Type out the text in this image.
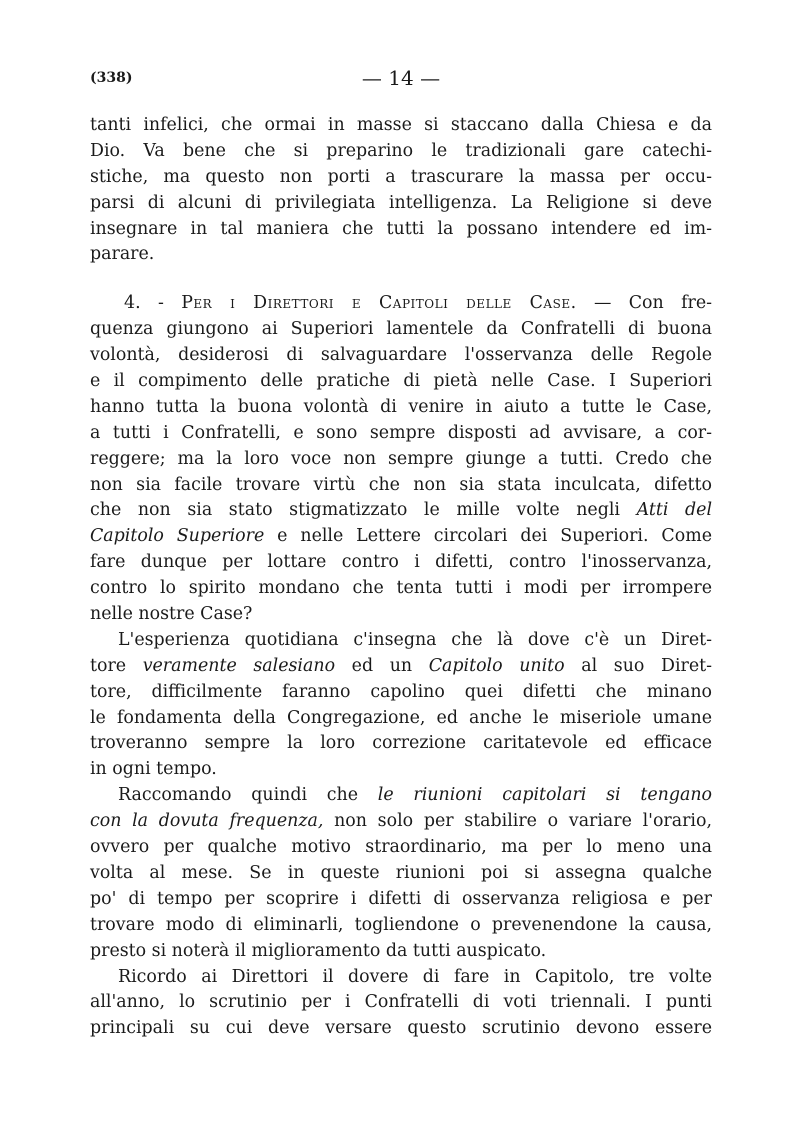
(338)	— 14 —
tanti infelici, che ormai in masse si staccano dalla Chiesa e da
Dio. Va bene che si preparino le tradizionali gare catechi-
stiche, ma questo non porti a trascurare la massa per occu-
parsi di alcuni di privilegiata intelligenza. La Religione si deve
insegnare in tal maniera che tutti la possano intendere ed im-
parare.
4. - Per i Direttori e Capitoli delle Case. — Con fre-
quenza giungono ai Superiori lamentele da Confratelli di buona
volontà, desiderosi di salvaguardare l'osservanza delle Regole
e il compimento delle pratiche di pietà nelle Case. I Superiori
hanno tutta la buona volontà di venire in aiuto a tutte le Case,
a tutti i Confratelli, e sono sempre disposti ad avvisare, a cor-
reggere; ma la loro voce non sempre giunge a tutti. Credo che
non sia facile trovare virtù che non sia stata inculcata, difetto
che non sia stato stigmatizzato le mille volte negli Atti del
Capitolo Superiore e nelle Lettere circolari dei Superiori. Come
fare dunque per lottare contro i difetti, contro l'inosservanza,
contro lo spirito mondano che tenta tutti i modi per irrompere
nelle nostre Case?
L'esperienza quotidiana c'insegna che là dove c'è un Diret-
tore veramente salesiano ed un Capitolo unito al suo Diret-
tore, difficilmente faranno capolino quei difetti che minano
le fondamenta della Congregazione, ed anche le miseriole umane
troveranno sempre la loro correzione caritatevole ed efficace
in ogni tempo.
Raccomando quindi che le riunioni capitolari si tengano
con la dovuta frequenza, non solo per stabilire o variare l'orario,
ovvero per qualche motivo straordinario, ma per lo meno una
volta al mese. Se in queste riunioni poi si assegna qualche
po' di tempo per scoprire i difetti di osservanza religiosa e per
trovare modo di eliminarli, togliendone o prevenendone la causa,
presto si noterà il miglioramento da tutti auspicato.
Ricordo ai Direttori il dovere di fare in Capitolo, tre volte
all'anno, lo scrutinio per i Confratelli di voti triennali. I punti
principali su cui deve versare questo scrutinio devono essere
